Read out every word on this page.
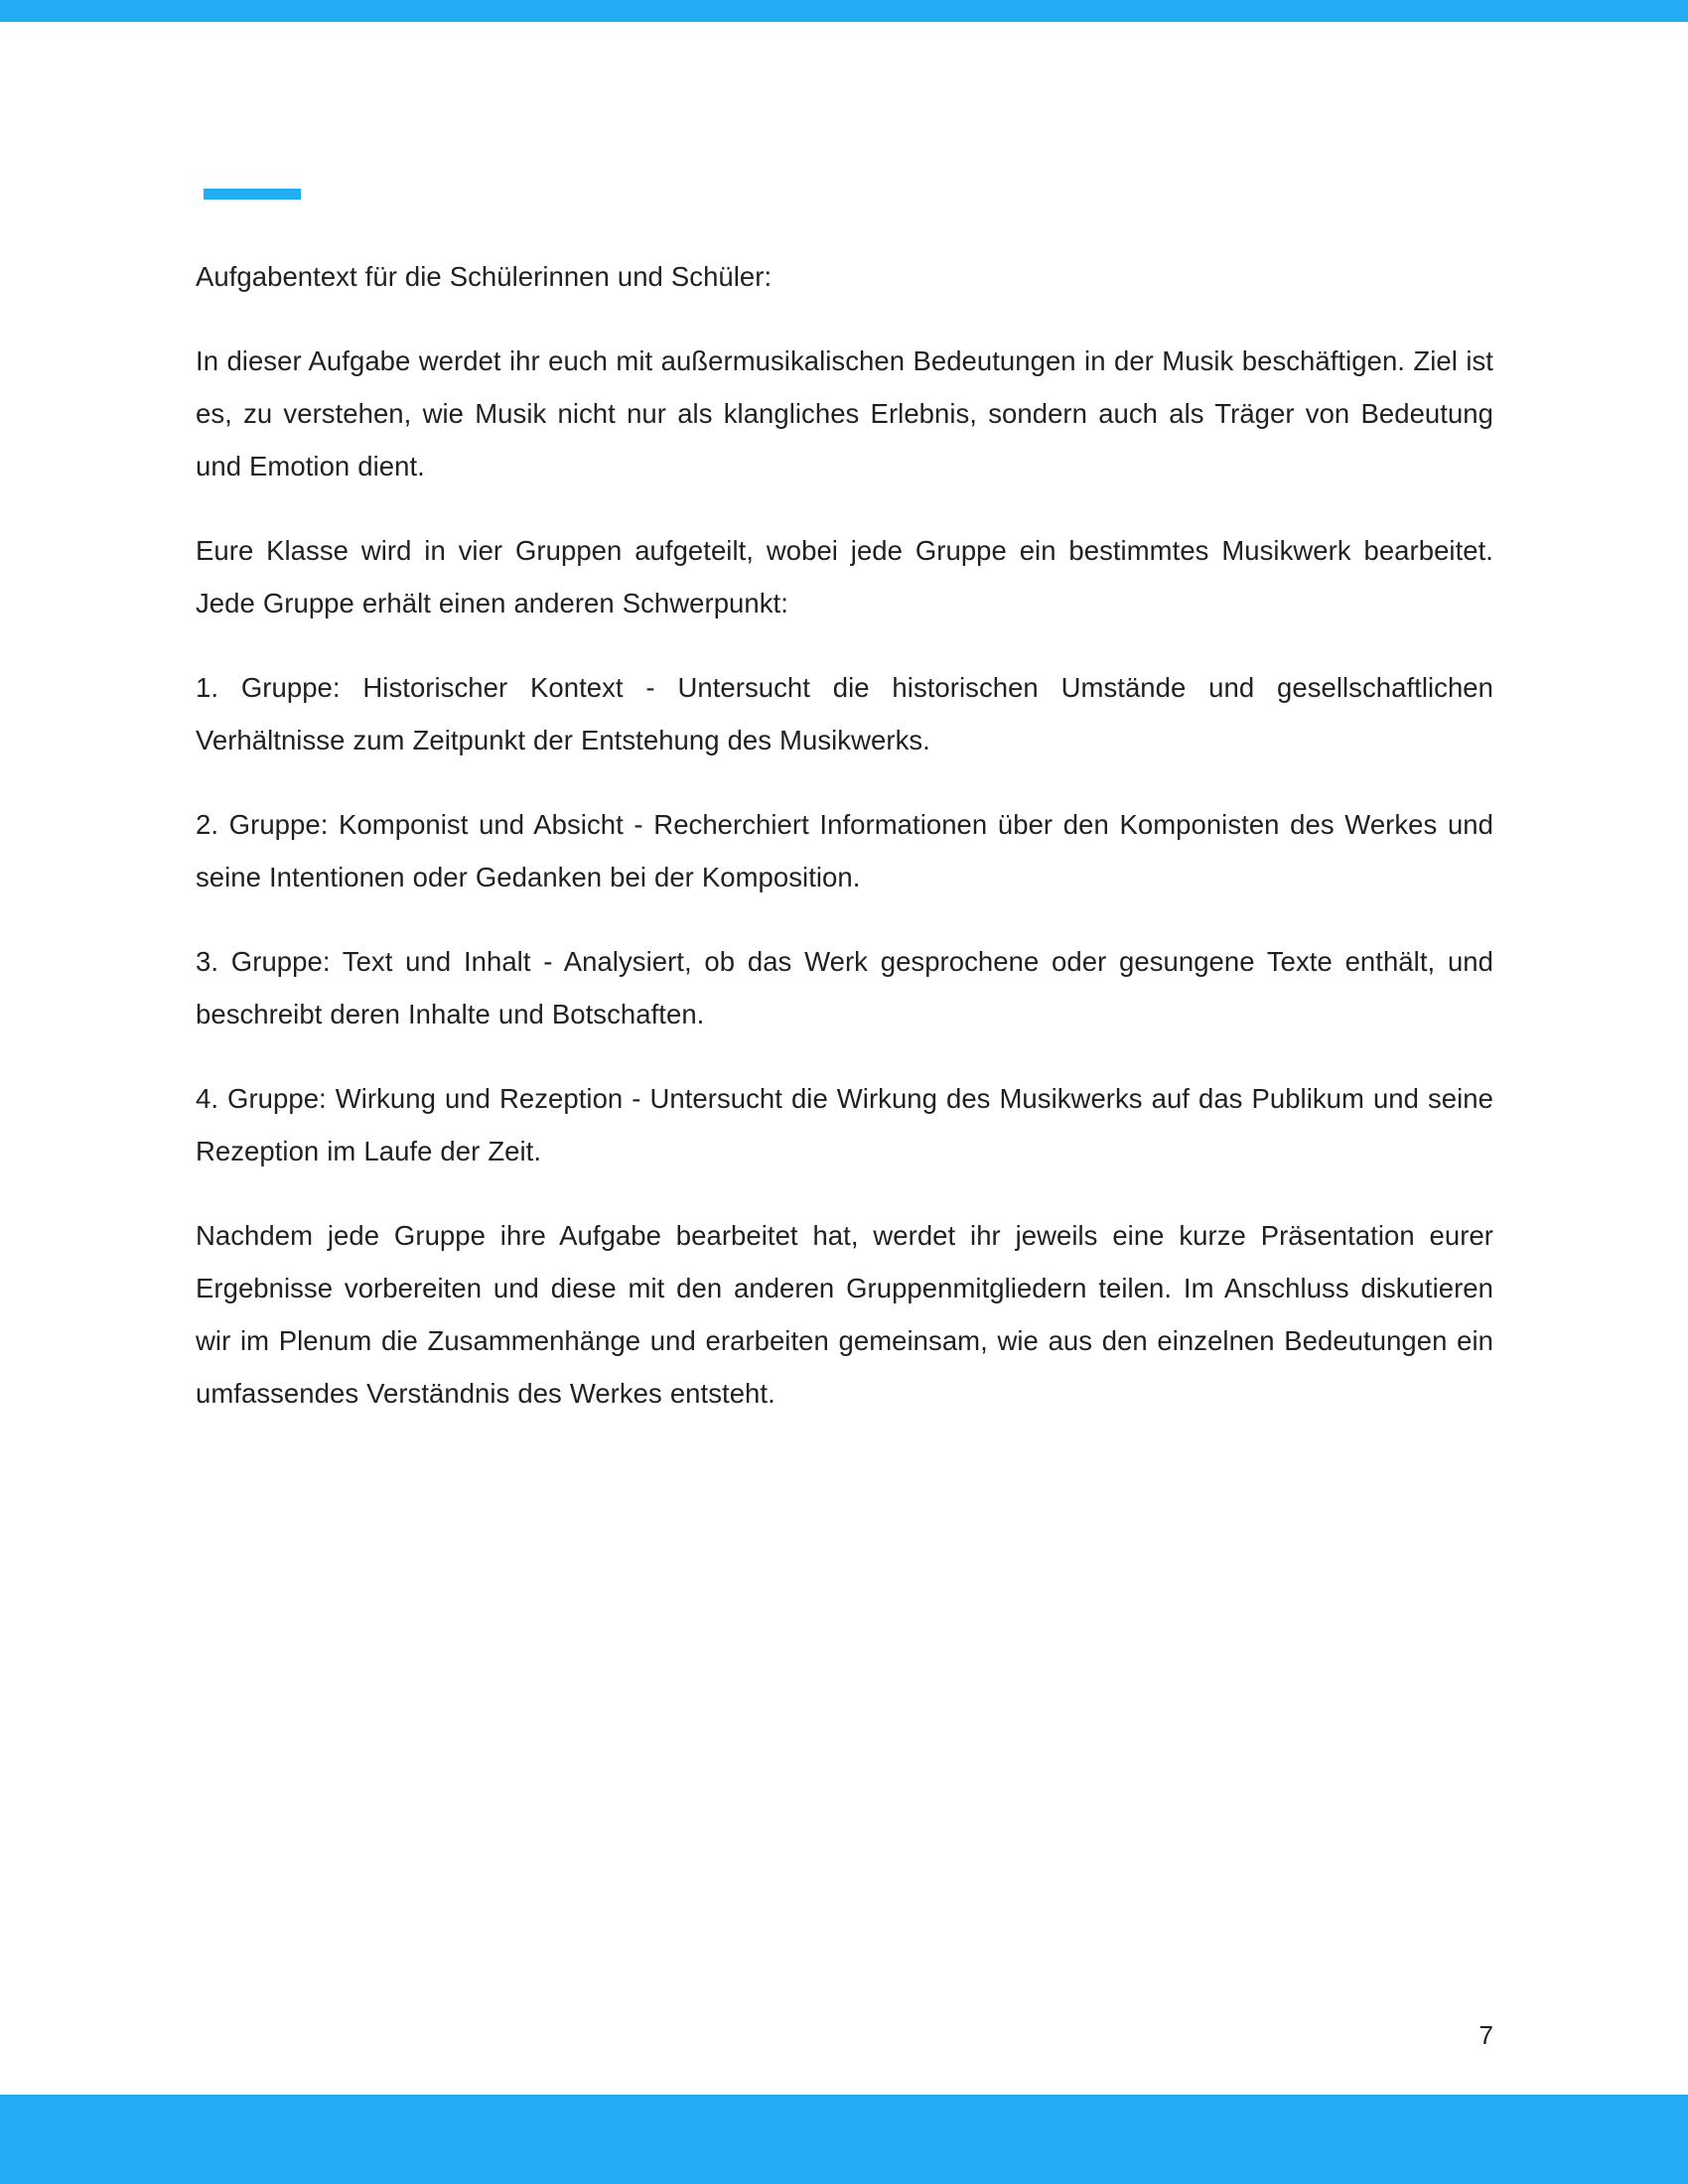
Aufgabentext für die Schülerinnen und Schüler:

In dieser Aufgabe werdet ihr euch mit außermusikalischen Bedeutungen in der Musik beschäftigen. Ziel ist es, zu verstehen, wie Musik nicht nur als klangliches Erlebnis, sondern auch als Träger von Bedeutung und Emotion dient.

Eure Klasse wird in vier Gruppen aufgeteilt, wobei jede Gruppe ein bestimmtes Musikwerk bearbeitet. Jede Gruppe erhält einen anderen Schwerpunkt:

1. Gruppe: Historischer Kontext - Untersucht die historischen Umstände und gesellschaftlichen Verhältnisse zum Zeitpunkt der Entstehung des Musikwerks.

2. Gruppe: Komponist und Absicht - Recherchiert Informationen über den Komponisten des Werkes und seine Intentionen oder Gedanken bei der Komposition.

3. Gruppe: Text und Inhalt - Analysiert, ob das Werk gesprochene oder gesungene Texte enthält, und beschreibt deren Inhalte und Botschaften.

4. Gruppe: Wirkung und Rezeption - Untersucht die Wirkung des Musikwerks auf das Publikum und seine Rezeption im Laufe der Zeit.

Nachdem jede Gruppe ihre Aufgabe bearbeitet hat, werdet ihr jeweils eine kurze Präsentation eurer Ergebnisse vorbereiten und diese mit den anderen Gruppenmitgliedern teilen. Im Anschluss diskutieren wir im Plenum die Zusammenhänge und erarbeiten gemeinsam, wie aus den einzelnen Bedeutungen ein umfassendes Verständnis des Werkes entsteht.

7
